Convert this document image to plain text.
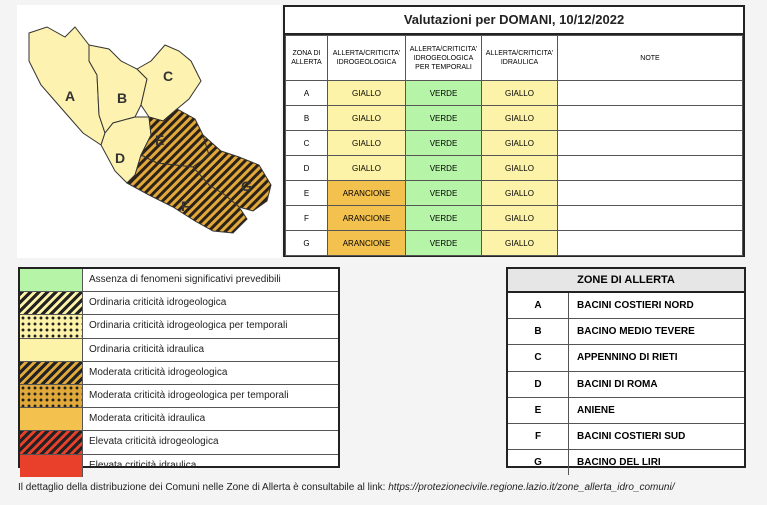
A	B
C
D
E
F
G
Valutazioni per DOMANI, 10/12/2022
ZONA DI ALLERTA	ALLERTA/CRITICITA' IDROGEOLOGICA	ALLERTA/CRITICITA' IDROGEOLOGICA PER TEMPORALI	ALLERTA/CRITICITA' IDRAULICA	NOTE
A	GIALLO	VERDE	GIALLO	
B	GIALLO	VERDE	GIALLO	
C	GIALLO	VERDE	GIALLO	
D	GIALLO	VERDE	GIALLO	
E	ARANCIONE	VERDE	GIALLO	
F	ARANCIONE	VERDE	GIALLO	
G	ARANCIONE	VERDE	GIALLO	
Assenza di fenomeni significativi prevedibili
Ordinaria criticità idrogeologica
Ordinaria criticità idrogeologica per temporali
Ordinaria criticità idraulica
Moderata criticità idrogeologica
Moderata criticità idrogeologica per temporali
Moderata criticità idraulica
Elevata criticità idrogeologica
Elevata criticità idraulica
ZONE DI ALLERTA
A	BACINI COSTIERI NORD
B	BACINO MEDIO TEVERE
C	APPENNINO DI RIETI
D	BACINI DI ROMA
E	ANIENE
F	BACINI COSTIERI SUD
G	BACINO DEL LIRI
Il dettaglio della distribuzione dei Comuni nelle Zone di Allerta è consultabile al link: https://protezionecivile.regione.lazio.it/zone_allerta_idro_comuni/
